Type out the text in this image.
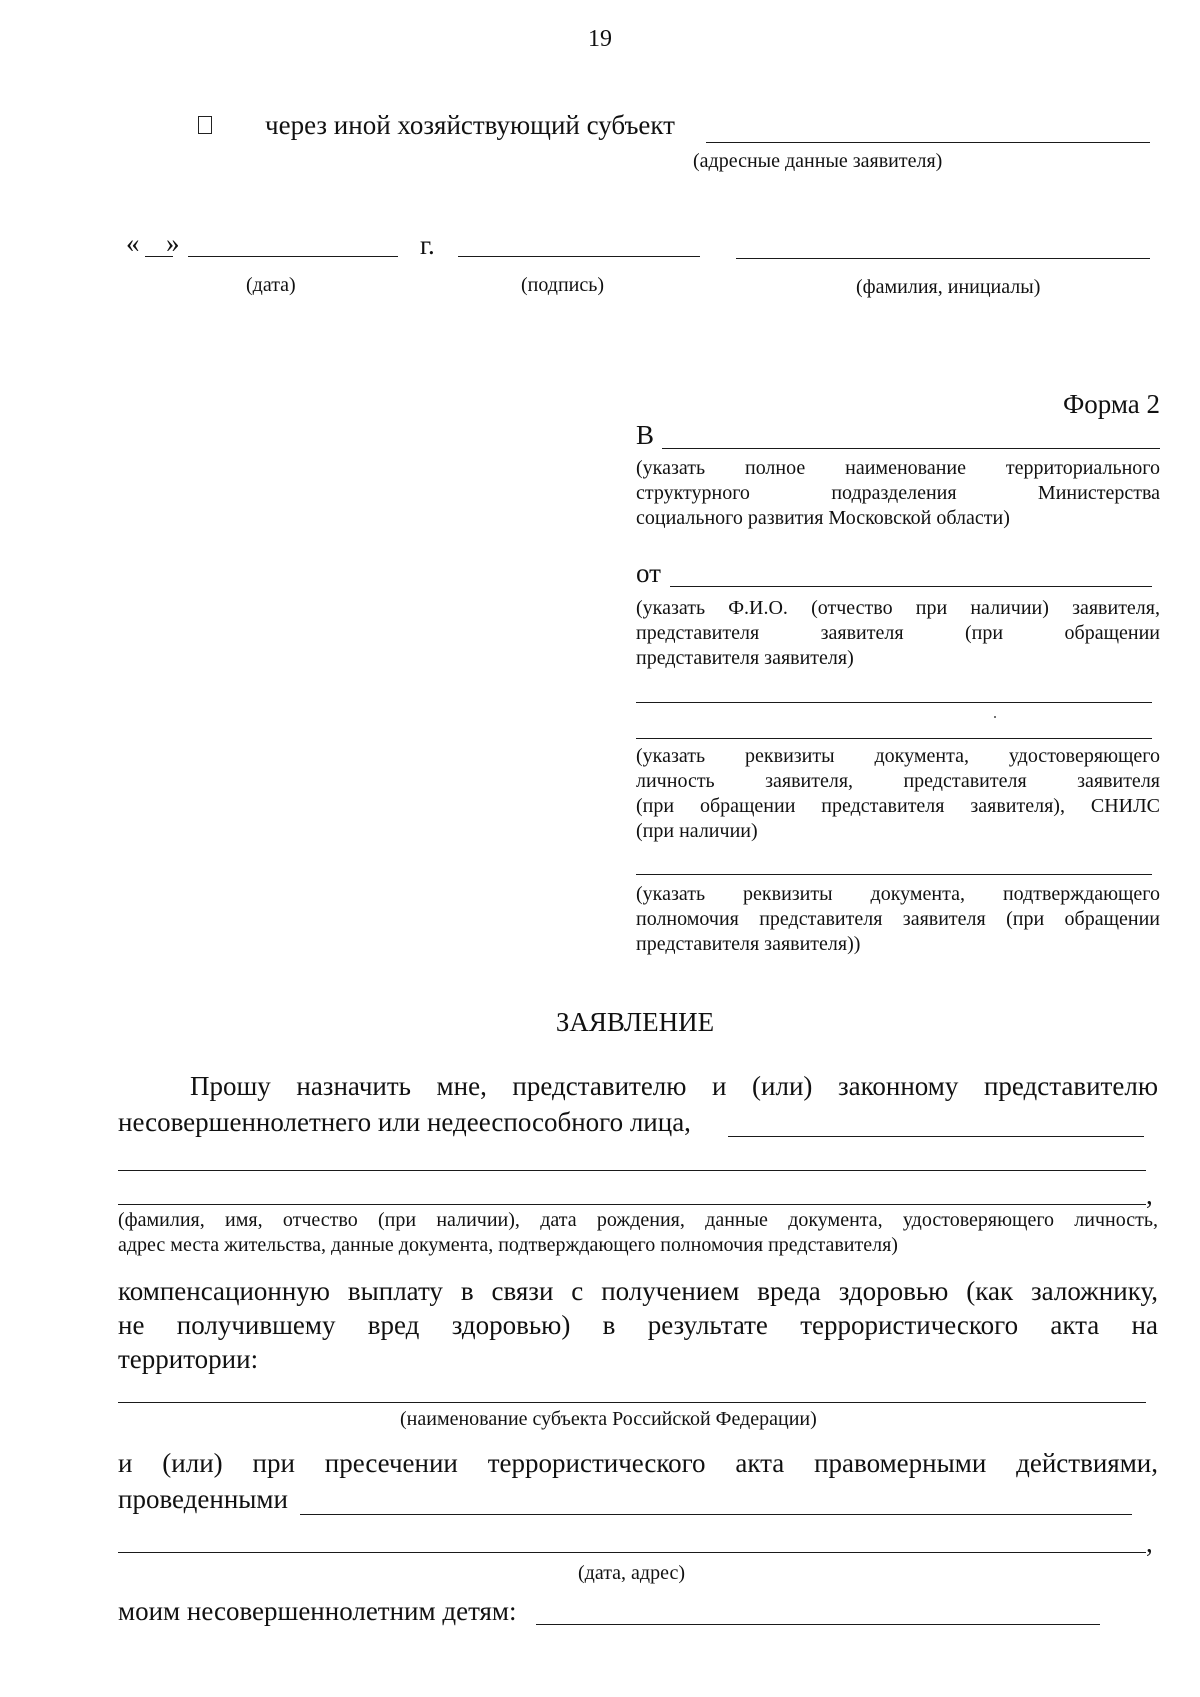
19
через иной хозяйствующий субъект
(адресные данные заявителя)
« »	г.
(дата)	(подпись)	(фамилия, инициалы)
Форма 2
В
(указать полное наименование территориального
структурного подразделения Министерства
социального развития Московской области)
от
(указать Ф.И.О. (отчество при наличии) заявителя,
представителя заявителя (при обращении
представителя заявителя)
(указать реквизиты документа, удостоверяющего
личность заявителя, представителя заявителя
(при обращении представителя заявителя), СНИЛС
(при наличии)
(указать реквизиты документа, подтверждающего
полномочия представителя заявителя (при обращении
представителя заявителя))
ЗАЯВЛЕНИЕ
Прошу назначить мне, представителю и (или) законному представителю
несовершеннолетнего или недееспособного лица,
,
(фамилия, имя, отчество (при наличии), дата рождения, данные документа, удостоверяющего личность,
адрес места жительства, данные документа, подтверждающего полномочия представителя)
компенсационную выплату в связи с получением вреда здоровью (как заложнику,
не получившему вред здоровью) в результате террористического акта на
территории:
(наименование субъекта Российской Федерации)
и (или) при пресечении террористического акта правомерными действиями,
проведенными
,
(дата, адрес)
моим несовершеннолетним детям:
